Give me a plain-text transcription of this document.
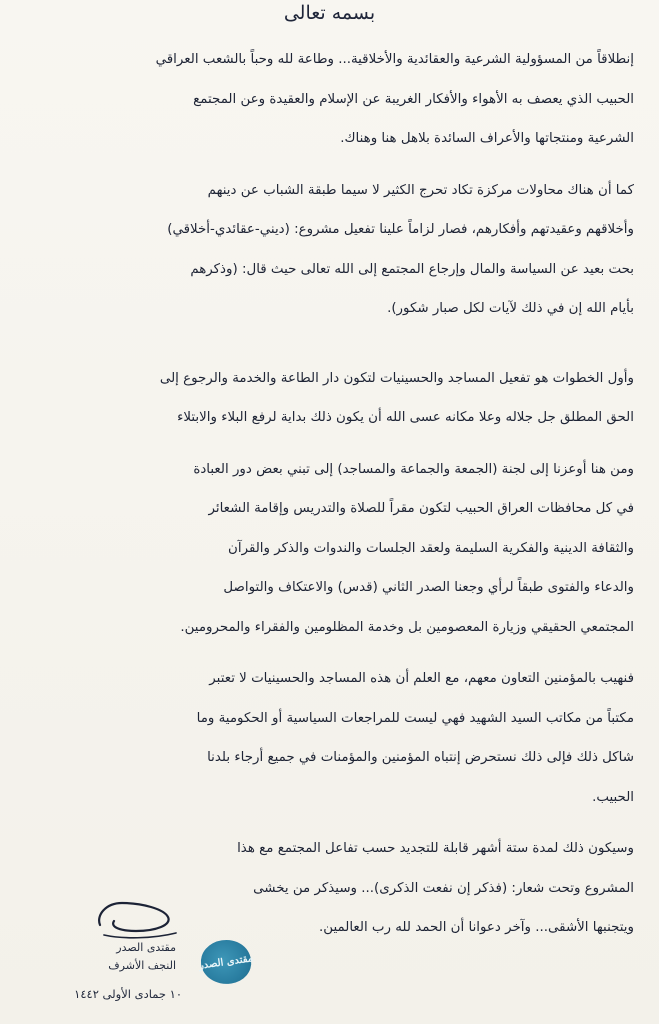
بسمه تعالى
إنطلاقاً من المسؤولية الشرعية والعقائدية والأخلاقية... وطاعة لله وحباً بالشعب العراقي
الحبيب الذي يعصف به الأهواء والأفكار الغريبة عن الإسلام والعقيدة وعن المجتمع
الشرعية ومنتجاتها والأعراف السائدة بلاهل هنا وهناك.
كما أن هناك محاولات مركزة تكاد تحرج الكثير لا سيما طبقة الشباب عن دينهم
وأخلاقهم وعقيدتهم وأفكارهم، فصار لزاماً علينا تفعيل مشروع: (ديني-عقائدي-أخلاقي)
بحت بعيد عن السياسة والمال وإرجاع المجتمع إلى الله تعالى حيث قال: (وذكرهم
بأيام الله إن في ذلك لآيات لكل صبار شكور).
وأول الخطوات هو تفعيل المساجد والحسينيات لتكون دار الطاعة والخدمة والرجوع إلى
الحق المطلق جل جلاله وعلا مكانه عسى الله أن يكون ذلك بداية لرفع البلاء والابتلاء
ومن هنا أوعزنا إلى لجنة (الجمعة والجماعة والمساجد) إلى تبني بعض دور العبادة
في كل محافظات العراق الحبيب لتكون مقراً للصلاة والتدريس وإقامة الشعائر
والثقافة الدينية والفكرية السليمة ولعقد الجلسات والندوات والذكر والقرآن
والدعاء والفتوى طبقاً لرأي وجعنا الصدر الثاني (قدس) والاعتكاف والتواصل
المجتمعي الحقيقي وزيارة المعصومين بل وخدمة المظلومين والفقراء والمحرومين.
فنهيب بالمؤمنين التعاون معهم، مع العلم أن هذه المساجد والحسينيات لا تعتبر
مكتباً من مكاتب السيد الشهيد فهي ليست للمراجعات السياسية أو الحكومية وما
شاكل ذلك فإلى ذلك نستحرض إنتباه المؤمنين والمؤمنات في جميع أرجاء بلدنا
الحبيب.
وسيكون ذلك لمدة ستة أشهر قابلة للتجديد حسب تفاعل المجتمع مع هذا
المشروع وتحت شعار: (فذكر إن نفعت الذكرى)... وسيذكر من يخشى
ويتجنبها الأشقى... وآخر دعوانا أن الحمد لله رب العالمين.
مقتدى الصدر
النجف الأشرف
١٠ جمادى الأولى ١٤٤٢
مقتدى الصدر
